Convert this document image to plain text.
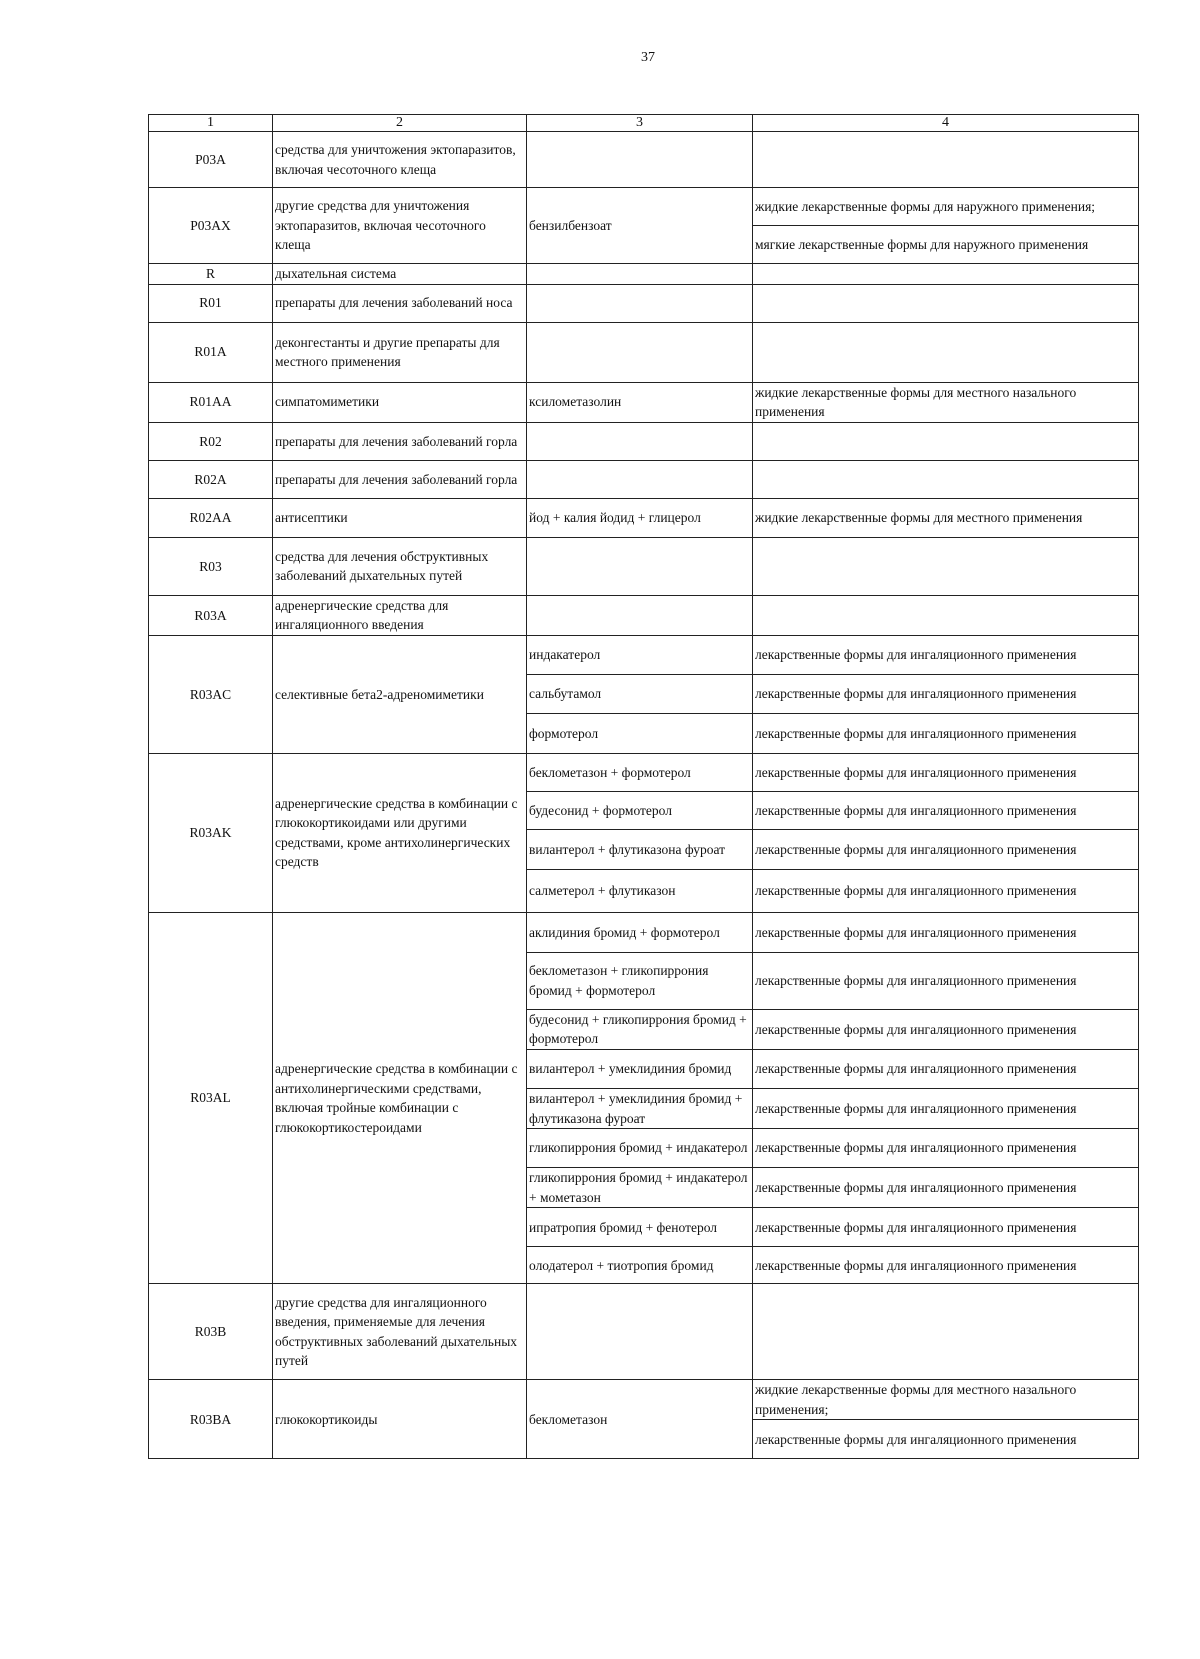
37
1	2	3	4
P03A	средства для уничтожения эктопаразитов, включая чесоточного клеща		
P03AX	другие средства для уничтожения эктопаразитов, включая чесоточного клеща	бензилбензоат	жидкие лекарственные формы для наружного применения;
			мягкие лекарственные формы для наружного применения
R	дыхательная система		
R01	препараты для лечения заболеваний носа		
R01A	деконгестанты и другие препараты для местного применения		
R01AA	симпатомиметики	ксилометазолин	жидкие лекарственные формы для местного назального применения
R02	препараты для лечения заболеваний горла		
R02A	препараты для лечения заболеваний горла		
R02AA	антисептики	йод + калия йодид + глицерол	жидкие лекарственные формы для местного применения
R03	средства для лечения обструктивных заболеваний дыхательных путей		
R03A	адренергические средства для ингаляционного введения		
R03AC	селективные бета2-адреномиметики	индакатерол	лекарственные формы для ингаляционного применения
		сальбутамол	лекарственные формы для ингаляционного применения
		формотерол	лекарственные формы для ингаляционного применения
R03AK	адренергические средства в комбинации с глюкокортикоидами или другими средствами, кроме антихолинергических средств	беклометазон + формотерол	лекарственные формы для ингаляционного применения
		будесонид + формотерол	лекарственные формы для ингаляционного применения
		вилантерол + флутиказона фуроат	лекарственные формы для ингаляционного применения
		салметерол + флутиказон	лекарственные формы для ингаляционного применения
R03AL	адренергические средства в комбинации с антихолинергическими средствами, включая тройные комбинации с глюкокортикостероидами	аклидиния бромид + формотерол	лекарственные формы для ингаляционного применения
		беклометазон + гликопиррония бромид + формотерол	лекарственные формы для ингаляционного применения
		будесонид + гликопиррония бромид + формотерол	лекарственные формы для ингаляционного применения
		вилантерол + умеклидиния бромид	лекарственные формы для ингаляционного применения
		вилантерол + умеклидиния бромид + флутиказона фуроат	лекарственные формы для ингаляционного применения
		гликопиррония бромид + индакатерол	лекарственные формы для ингаляционного применения
		гликопиррония бромид + индакатерол + мометазон	лекарственные формы для ингаляционного применения
		ипратропия бромид + фенотерол	лекарственные формы для ингаляционного применения
		олодатерол + тиотропия бромид	лекарственные формы для ингаляционного применения
R03B	другие средства для ингаляционного введения, применяемые для лечения обструктивных заболеваний дыхательных путей		
R03BA	глюкокортикоиды	беклометазон	жидкие лекарственные формы для местного назального применения;
			лекарственные формы для ингаляционного применения
